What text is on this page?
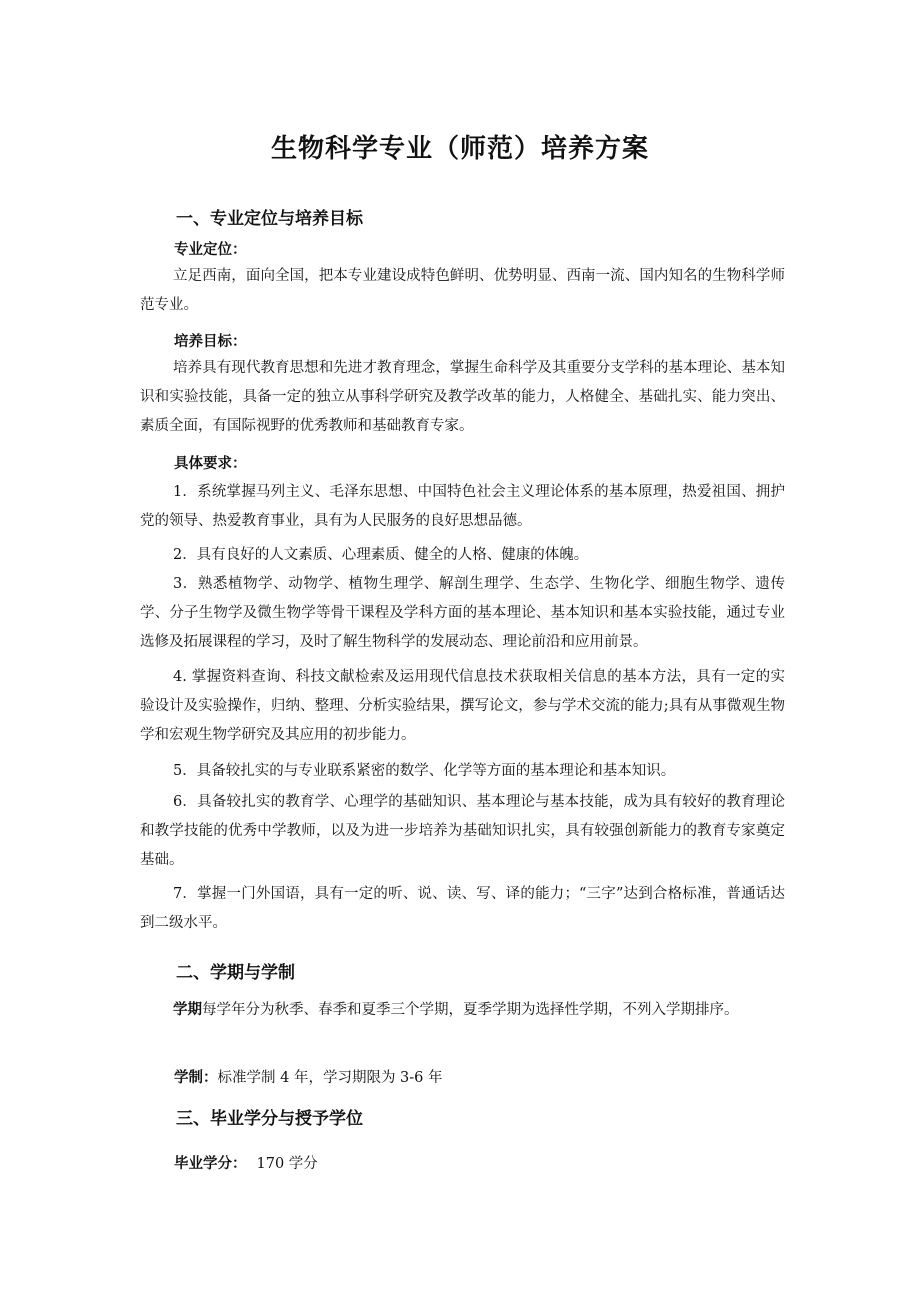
生物科学专业（师范）培养方案
一、专业定位与培养目标
专业定位：

立足西南，面向全国，把本专业建设成特色鲜明、优势明显、西南一流、国内知名的生物科学师范专业。

培养目标：

培养具有现代教育思想和先进才教育理念，掌握生命科学及其重要分支学科的基本理论、基本知识和实验技能，具备一定的独立从事科学研究及教学改革的能力，人格健全、基础扎实、能力突出、素质全面，有国际视野的优秀教师和基础教育专家。

具体要求：

1．系统掌握马列主义、毛泽东思想、中国特色社会主义理论体系的基本原理，热爱祖国、拥护党的领导、热爱教育事业，具有为人民服务的良好思想品德。

2．具有良好的人文素质、心理素质、健全的人格、健康的体魄。

3．熟悉植物学、动物学、植物生理学、解剖生理学、生态学、生物化学、细胞生物学、遗传学、分子生物学及微生物学等骨干课程及学科方面的基本理论、基本知识和基本实验技能，通过专业选修及拓展课程的学习，及时了解生物科学的发展动态、理论前沿和应用前景。

4. 掌握资料查询、科技文献检索及运用现代信息技术获取相关信息的基本方法，具有一定的实验设计及实验操作，归纳、整理、分析实验结果，撰写论文，参与学术交流的能力;具有从事微观生物学和宏观生物学研究及其应用的初步能力。

5．具备较扎实的与专业联系紧密的数学、化学等方面的基本理论和基本知识。

6．具备较扎实的教育学、心理学的基础知识、基本理论与基本技能，成为具有较好的教育理论和教学技能的优秀中学教师，以及为进一步培养为基础知识扎实，具有较强创新能力的教育专家奠定基础。

7．掌握一门外国语，具有一定的听、说、读、写、译的能力；“三字”达到合格标准，普通话达到二级水平。

二、学期与学制

学期每学年分为秋季、春季和夏季三个学期，夏季学期为选择性学期，不列入学期排序。

学制：标准学制 4 年，学习期限为 3-6 年
三、毕业学分与授予学位
毕业学分： 170 学分
